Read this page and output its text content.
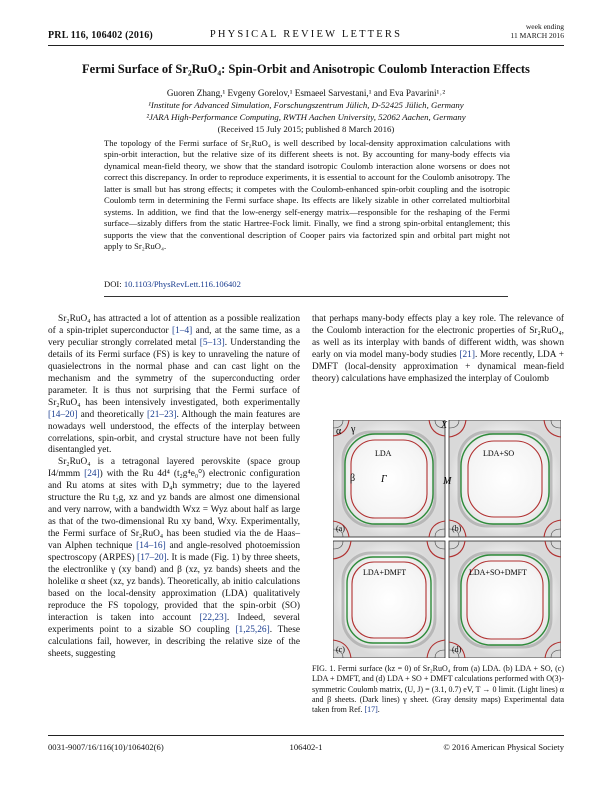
PRL 116, 106402 (2016)	PHYSICAL REVIEW LETTERS
week ending
11 MARCH 2016
Fermi Surface of Sr₂RuO₄: Spin-Orbit and Anisotropic Coulomb Interaction Effects
Guoren Zhang,¹ Evgeny Gorelov,¹ Esmaeel Sarvestani,¹ and Eva Pavarini¹˒²
¹Institute for Advanced Simulation, Forschungszentrum Jülich, D-52425 Jülich, Germany
²JARA High-Performance Computing, RWTH Aachen University, 52062 Aachen, Germany
(Received 15 July 2015; published 8 March 2016)
The topology of the Fermi surface of Sr₂RuO₄ is well described by local-density approximation calculations with spin-orbit interaction, but the relative size of its different sheets is not. By accounting for many-body effects via dynamical mean-field theory, we show that the standard isotropic Coulomb interaction alone worsens or does not correct this discrepancy. In order to reproduce experiments, it is essential to account for the Coulomb anisotropy. The latter is small but has strong effects; it competes with the Coulomb-enhanced spin-orbit coupling and the isotropic Coulomb term in determining the Fermi surface shape. Its effects are likely sizable in other correlated multiorbital systems. In addition, we find that the low-energy self-energy matrix—responsible for the reshaping of the Fermi surface—sizably differs from the static Hartree-Fock limit. Finally, we find a strong spin-orbital entanglement; this supports the view that the conventional description of Cooper pairs via factorized spin and orbital part might not apply to Sr₂RuO₄.
DOI: 10.1103/PhysRevLett.116.106402

Sr₂RuO₄ has attracted a lot of attention as a possible realization of a spin-triplet superconductor [1–4] and, at the same time, as a very peculiar strongly correlated metal [5–13]. Understanding the details of its Fermi surface (FS) is key to unraveling the nature of quasielectrons in the normal phase and can cast light on the mechanism and the symmetry of the superconducting order parameter. It is thus not surprising that the Fermi surface of Sr₂RuO₄ has been intensively investigated, both experimentally [14–20] and theoretically [21–23]. Although the main features are nowadays well understood, the effects of the interplay between correlations, spin-orbit, and crystal structure have not been fully disentangled yet.

Sr₂RuO₄ is a tetragonal layered perovskite (space group I4/mmm [24]) with the Ru 4d⁴ (t₂g⁴e₀⁰) electronic configuration and Ru atoms at sites with D₄h symmetry; due to the layered structure the Ru t₂g, xz and yz bands are almost one dimensional and very narrow, with a bandwidth Wxz = Wyz about half as large as that of the two-dimensional Ru xy band, Wxy. Experimentally, the Fermi surface of Sr₂RuO₄ has been studied via the de Haas–van Alphen technique [14–16] and angle-resolved photoemission spectroscopy (ARPES) [17–20]. It is made (Fig. 1) by three sheets, the electronlike γ (xy band) and β (xz, yz bands) sheets and the holelike α sheet (xz, yz bands). Theoretically, ab initio calculations based on the local-density approximation (LDA) qualitatively reproduce the FS topology, provided that the spin-orbit (SO) interaction is taken into account [22,23]. Indeed, several experiments point to a sizable SO coupling [1,25,26]. These calculations fail, however, in describing the relative size of the sheets, suggesting

that perhaps many-body effects play a key role. The relevance of the Coulomb interaction for the electronic properties of Sr₂RuO₄, as well as its interplay with bands of different width, was shown early on via model many-body studies [21]. More recently, LDA + DMFT (local-density approximation + dynamical mean-field theory) calculations have emphasized the interplay of Coulomb

α γ
β	Γ
LDA
(a)
X
M
LDA+SO
(b)
LDA+DMFT
(c)
LDA+SO+DMFT
(d)
FIG. 1. Fermi surface (kz = 0) of Sr₂RuO₄ from (a) LDA. (b) LDA + SO, (c) LDA + DMFT, and (d) LDA + SO + DMFT calculations performed with O(3)-symmetric Coulomb matrix, (U, J) = (3.1, 0.7) eV, T → 0 limit. (Light lines) α and β sheets. (Dark lines) γ sheet. (Gray density maps) Experimental data taken from Ref. [17].
0031-9007/16/116(10)/106402(6)	106402-1	© 2016 American Physical Society
